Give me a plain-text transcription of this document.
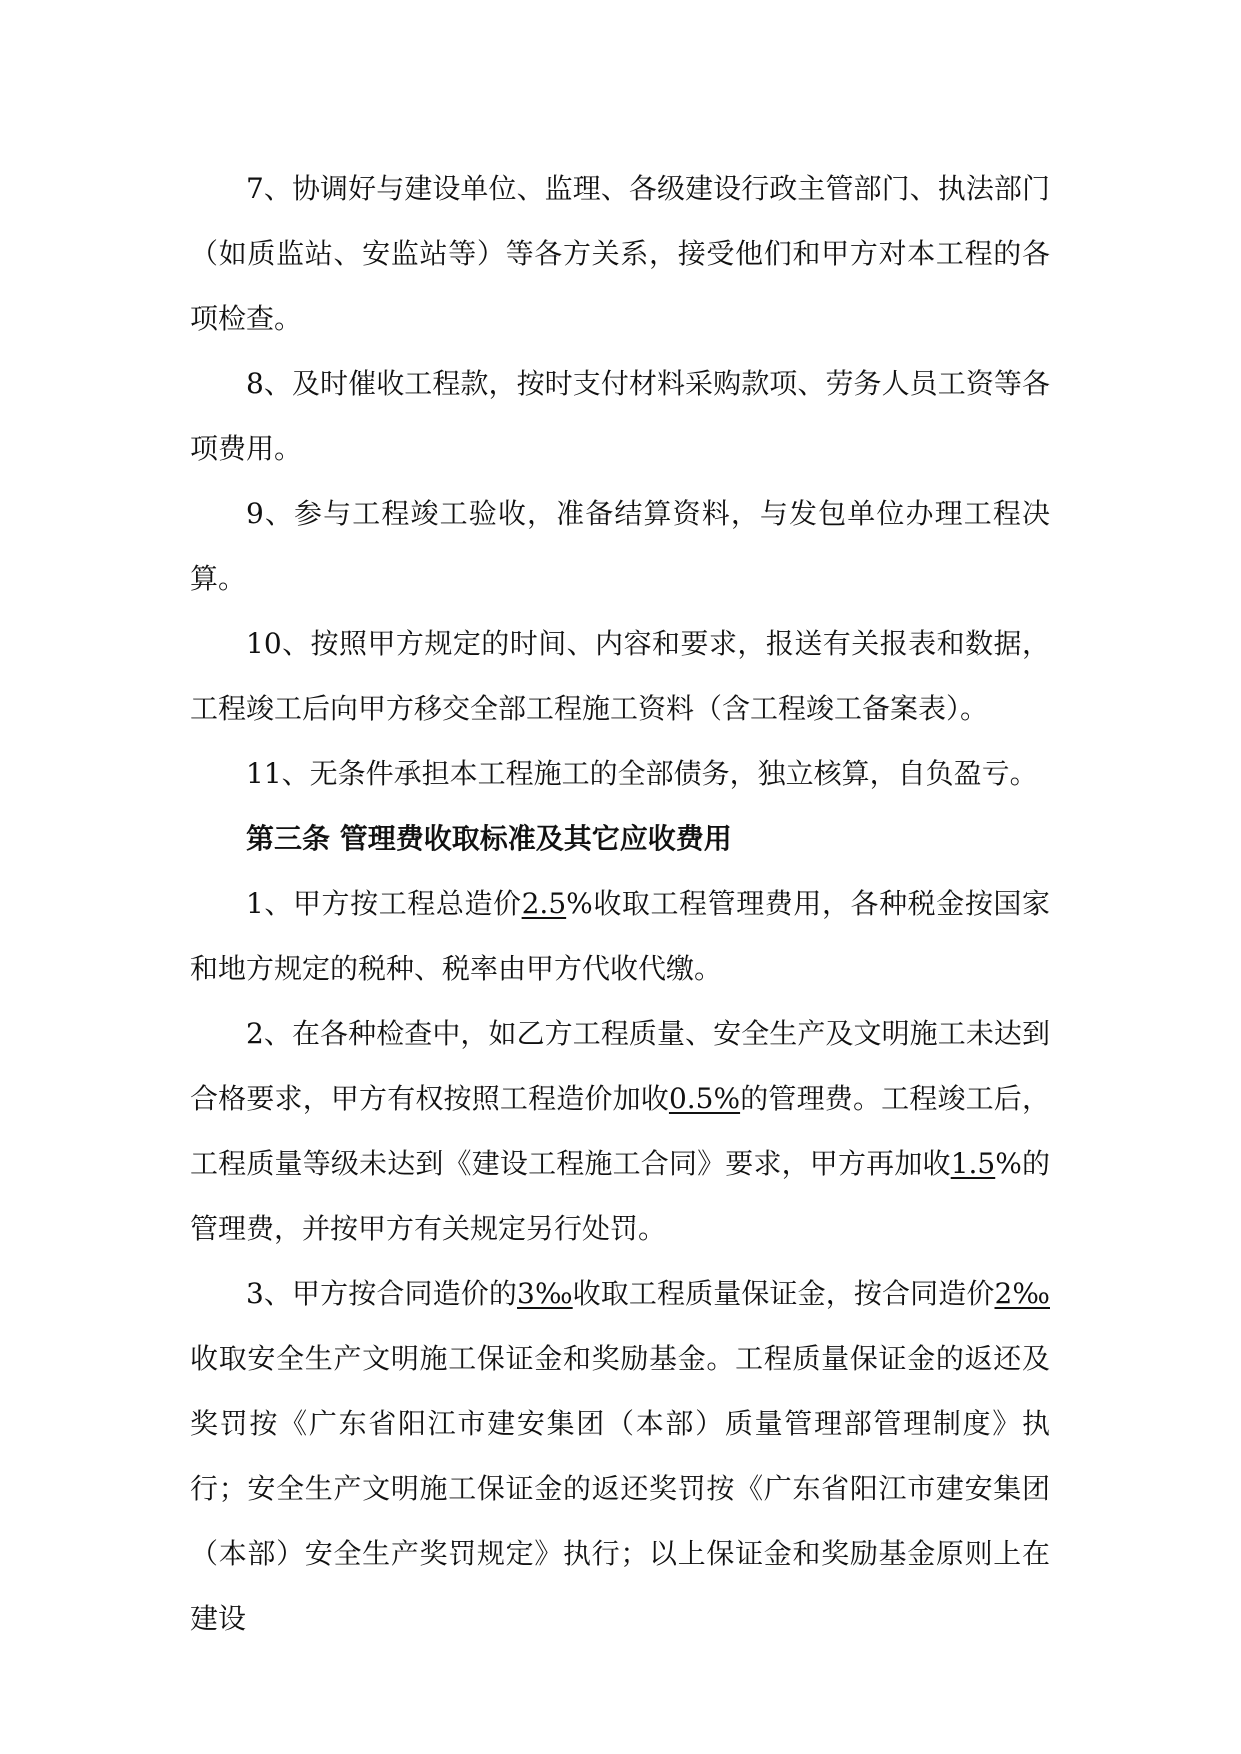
7、协调好与建设单位、监理、各级建设行政主管部门、执法部门（如质监站、安监站等）等各方关系，接受他们和甲方对本工程的各项检查。

8、及时催收工程款，按时支付材料采购款项、劳务人员工资等各项费用。

9、参与工程竣工验收，准备结算资料，与发包单位办理工程决算。

10、按照甲方规定的时间、内容和要求，报送有关报表和数据，工程竣工后向甲方移交全部工程施工资料（含工程竣工备案表）。

11、无条件承担本工程施工的全部债务，独立核算，自负盈亏。

第三条 管理费收取标准及其它应收费用

1、甲方按工程总造价2.5%收取工程管理费用，各种税金按国家和地方规定的税种、税率由甲方代收代缴。

2、在各种检查中，如乙方工程质量、安全生产及文明施工未达到合格要求，甲方有权按照工程造价加收0.5%的管理费。工程竣工后，工程质量等级未达到《建设工程施工合同》要求，甲方再加收1.5%的管理费，并按甲方有关规定另行处罚。

3、甲方按合同造价的3‰收取工程质量保证金，按合同造价2‰收取安全生产文明施工保证金和奖励基金。工程质量保证金的返还及奖罚按《广东省阳江市建安集团（本部）质量管理部管理制度》执行；安全生产文明施工保证金的返还奖罚按《广东省阳江市建安集团（本部）安全生产奖罚规定》执行；以上保证金和奖励基金原则上在建设
